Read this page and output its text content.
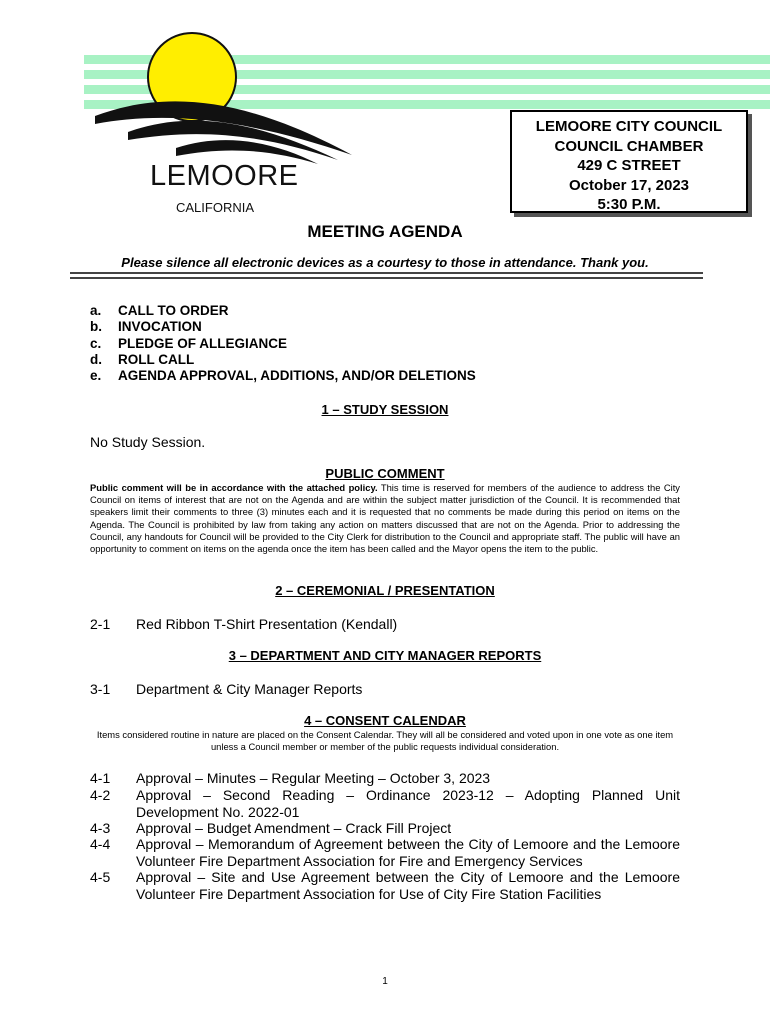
LEMOORE
CALIFORNIA
LEMOORE CITY COUNCIL
COUNCIL CHAMBER
429 C STREET
October 17, 2023
5:30 P.M.
MEETING AGENDA
Please silence all electronic devices as a courtesy to those in attendance. Thank you.
a.	CALL TO ORDER
b.	INVOCATION
c.	PLEDGE OF ALLEGIANCE
d.	ROLL CALL
e.	AGENDA APPROVAL, ADDITIONS, AND/OR DELETIONS
1 – STUDY SESSION
No Study Session.
PUBLIC COMMENT
Public comment will be in accordance with the attached policy. This time is reserved for members of the audience to address the City Council on items of interest that are not on the Agenda and are within the subject matter jurisdiction of the Council. It is recommended that speakers limit their comments to three (3) minutes each and it is requested that no comments be made during this period on items on the Agenda. The Council is prohibited by law from taking any action on matters discussed that are not on the Agenda. Prior to addressing the Council, any handouts for Council will be provided to the City Clerk for distribution to the Council and appropriate staff. The public will have an opportunity to comment on items on the agenda once the item has been called and the Mayor opens the item to the public.
2 – CEREMONIAL / PRESENTATION
2-1 Red Ribbon T-Shirt Presentation (Kendall)
3 – DEPARTMENT AND CITY MANAGER REPORTS
3-1 Department & City Manager Reports
4 – CONSENT CALENDAR
Items considered routine in nature are placed on the Consent Calendar. They will all be considered and voted upon in one vote as one item unless a Council member or member of the public requests individual consideration.
4-1 Approval – Minutes – Regular Meeting – October 3, 2023
4-2 Approval – Second Reading – Ordinance 2023-12 – Adopting Planned Unit Development No. 2022-01
4-3 Approval – Budget Amendment – Crack Fill Project
4-4 Approval – Memorandum of Agreement between the City of Lemoore and the Lemoore Volunteer Fire Department Association for Fire and Emergency Services
4-5 Approval – Site and Use Agreement between the City of Lemoore and the Lemoore Volunteer Fire Department Association for Use of City Fire Station Facilities
1
